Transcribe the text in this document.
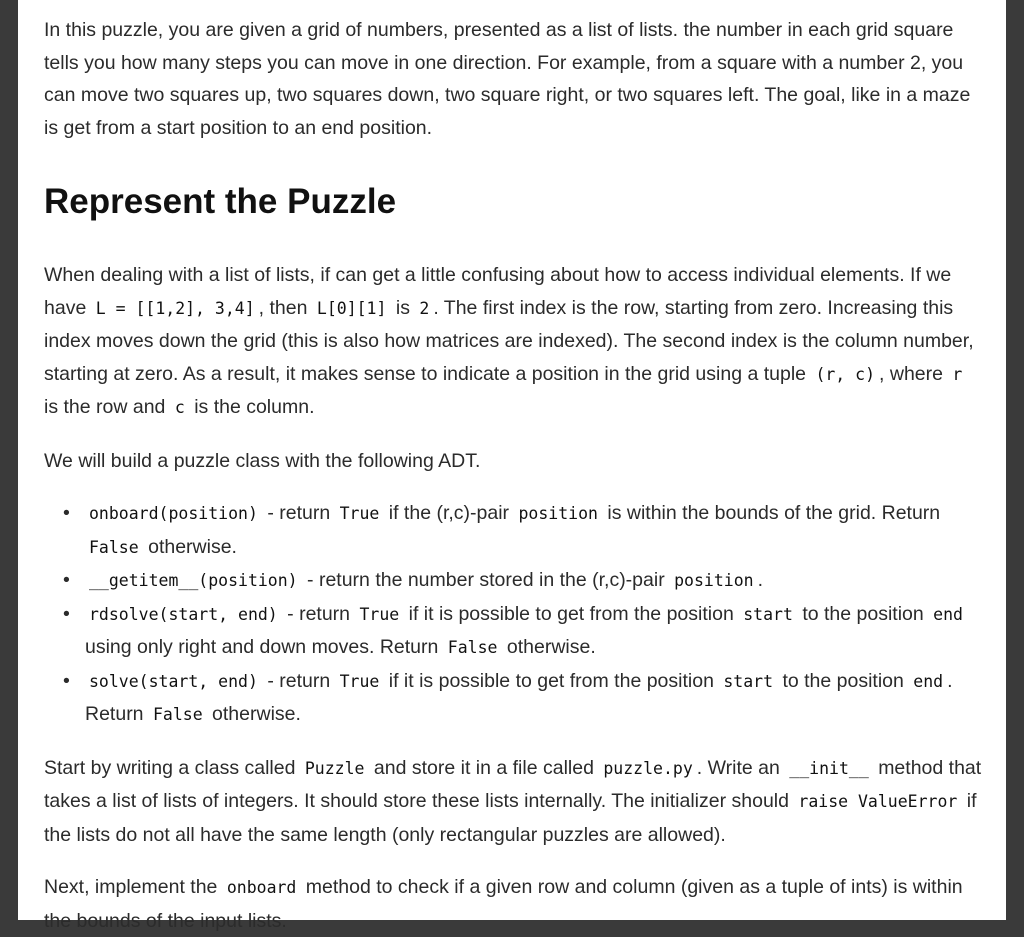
In this puzzle, you are given a grid of numbers, presented as a list of lists. the number in each grid square tells you how many steps you can move in one direction. For example, from a square with a number 2, you can move two squares up, two squares down, two square right, or two squares left. The goal, like in a maze is get from a start position to an end position.

Represent the Puzzle

When dealing with a list of lists, if can get a little confusing about how to access individual elements. If we have L = [[1,2], 3,4] , then L[0][1] is 2 . The first index is the row, starting from zero. Increasing this index moves down the grid (this is also how matrices are indexed). The second index is the column number, starting at zero. As a result, it makes sense to indicate a position in the grid using a tuple (r, c) , where r is the row and c is the column.

We will build a puzzle class with the following ADT.

• onboard(position) - return True if the (r,c)-pair position is within the bounds of the grid. Return False otherwise.
• __getitem__(position) - return the number stored in the (r,c)-pair position .
• rdsolve(start, end) - return True if it is possible to get from the position start to the position end using only right and down moves. Return False otherwise.
• solve(start, end) - return True if it is possible to get from the position start to the position end . Return False otherwise.

Start by writing a class called Puzzle and store it in a file called puzzle.py . Write an __init__ method that takes a list of lists of integers. It should store these lists internally. The initializer should raise ValueError if the lists do not all have the same length (only rectangular puzzles are allowed).

Next, implement the onboard method to check if a given row and column (given as a tuple of ints) is within the bounds of the input lists.
